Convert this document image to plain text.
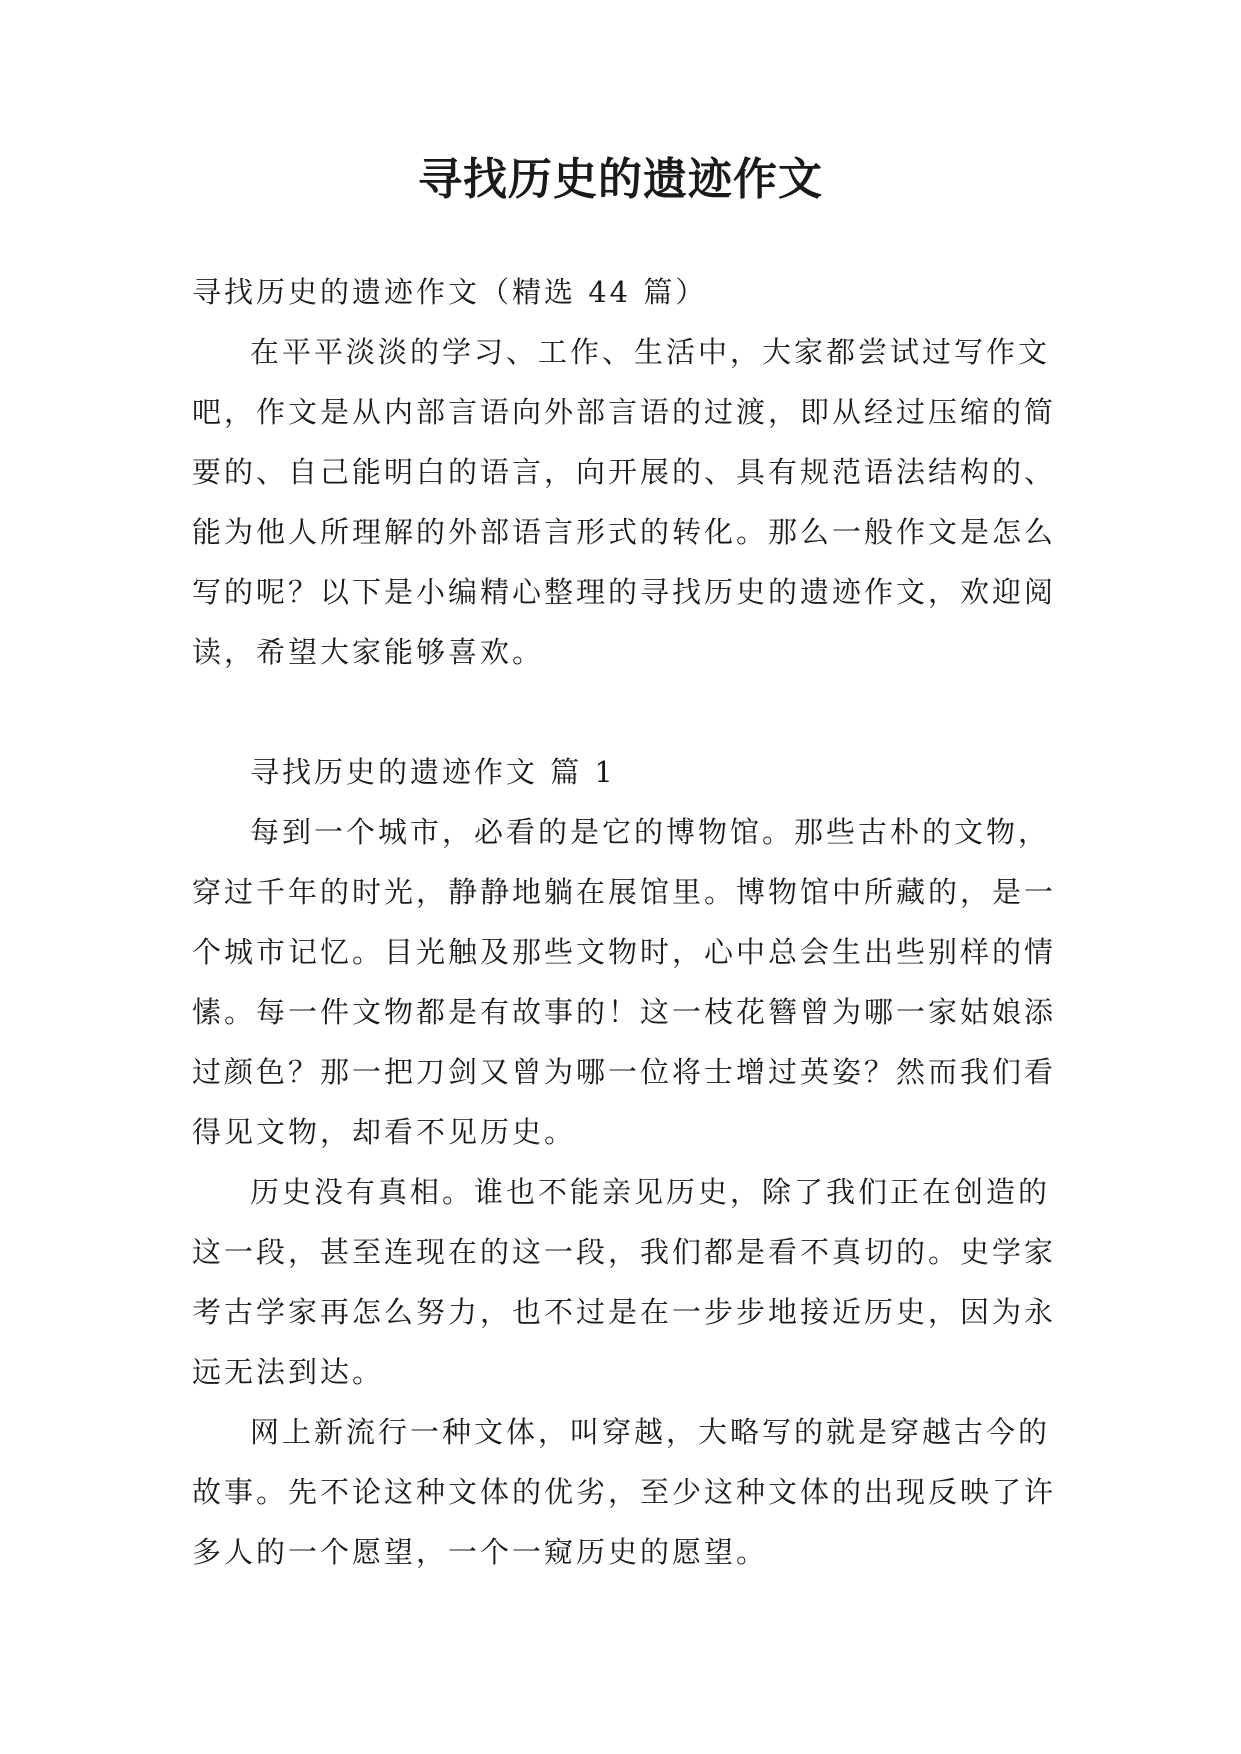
寻找历史的遗迹作文

寻找历史的遗迹作文（精选 44 篇）

在平平淡淡的学习、工作、生活中，大家都尝试过写作文吧，作文是从内部言语向外部言语的过渡，即从经过压缩的简要的、自己能明白的语言，向开展的、具有规范语法结构的、能为他人所理解的外部语言形式的转化。那么一般作文是怎么写的呢？以下是小编精心整理的寻找历史的遗迹作文，欢迎阅读，希望大家能够喜欢。

寻找历史的遗迹作文 篇 1

每到一个城市，必看的是它的博物馆。那些古朴的文物，穿过千年的时光，静静地躺在展馆里。博物馆中所藏的，是一个城市记忆。目光触及那些文物时，心中总会生出些别样的情愫。每一件文物都是有故事的！这一枝花簪曾为哪一家姑娘添过颜色？那一把刀剑又曾为哪一位将士增过英姿？然而我们看得见文物，却看不见历史。

历史没有真相。谁也不能亲见历史，除了我们正在创造的这一段，甚至连现在的这一段，我们都是看不真切的。史学家考古学家再怎么努力，也不过是在一步步地接近历史，因为永远无法到达。

网上新流行一种文体，叫穿越，大略写的就是穿越古今的故事。先不论这种文体的优劣，至少这种文体的出现反映了许多人的一个愿望，一个一窥历史的愿望。
